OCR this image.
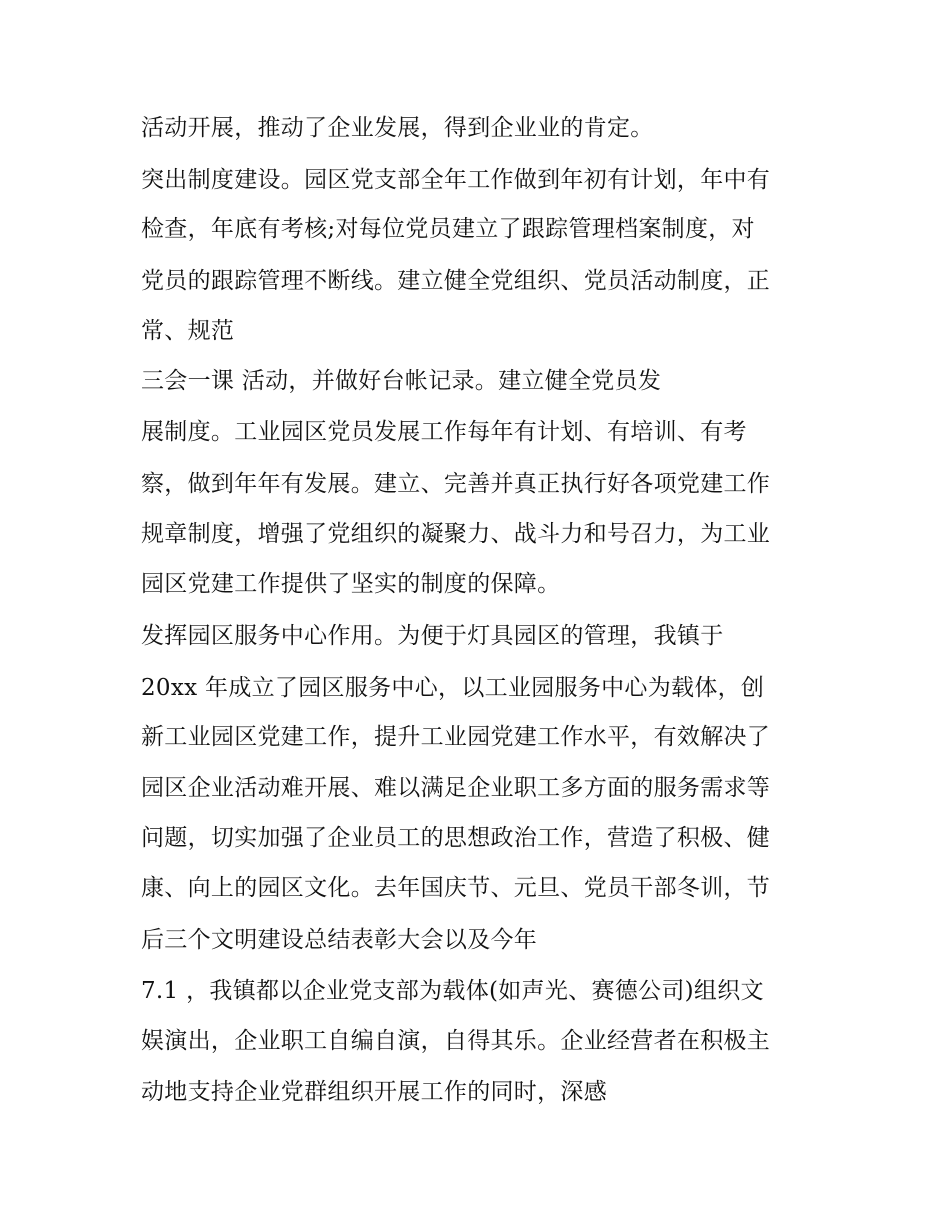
活动开展，推动了企业发展，得到企业业的肯定。
突出制度建设。园区党支部全年工作做到年初有计划，年中有
检查，年底有考核;对每位党员建立了跟踪管理档案制度，对
党员的跟踪管理不断线。建立健全党组织、党员活动制度，正
常、规范
三会一课 活动，并做好台帐记录。建立健全党员发
展制度。工业园区党员发展工作每年有计划、有培训、有考
察，做到年年有发展。建立、完善并真正执行好各项党建工作
规章制度，增强了党组织的凝聚力、战斗力和号召力，为工业
园区党建工作提供了坚实的制度的保障。
发挥园区服务中心作用。为便于灯具园区的管理，我镇于
20xx 年成立了园区服务中心，以工业园服务中心为载体，创
新工业园区党建工作，提升工业园党建工作水平，有效解决了
园区企业活动难开展、难以满足企业职工多方面的服务需求等
问题，切实加强了企业员工的思想政治工作，营造了积极、健
康、向上的园区文化。去年国庆节、元旦、党员干部冬训，节
后三个文明建设总结表彰大会以及今年
7.1 ，我镇都以企业党支部为载体(如声光、赛德公司)组织文
娱演出，企业职工自编自演，自得其乐。企业经营者在积极主
动地支持企业党群组织开展工作的同时，深感
